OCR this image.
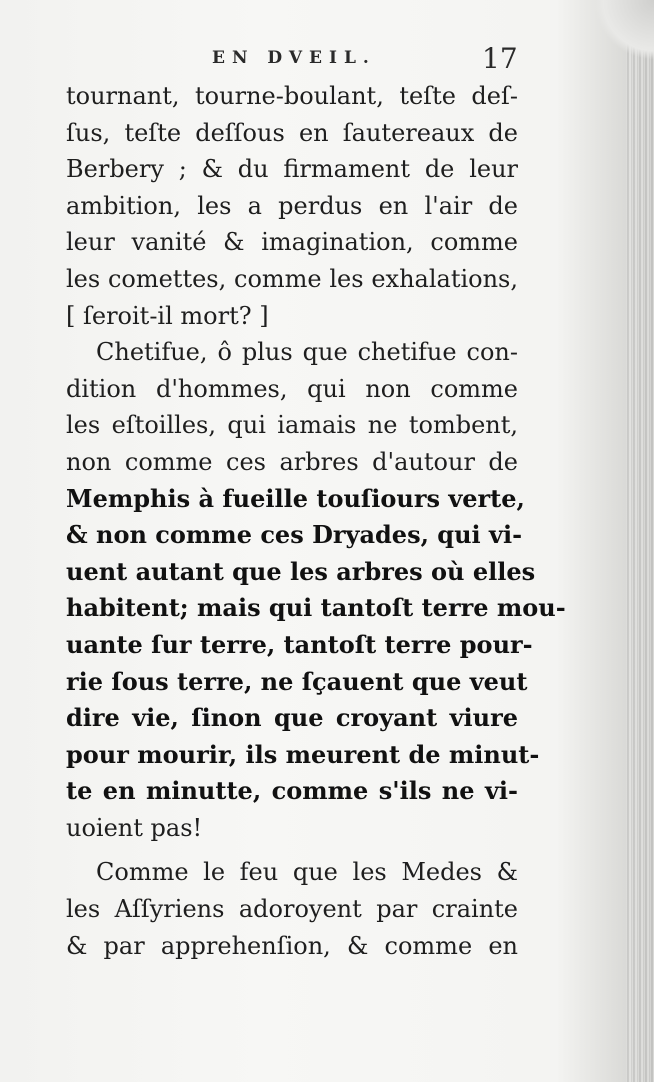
EN DVEIL.	17
tournant, tourne-boulant, teſte deſ-
ſus, teſte deſſous en ſautereaux de
Berbery ; & du firmament de leur
ambition, les a perdus en l'air de
leur vanité & imagination, comme
les comettes, comme les exhalations,
[ ſeroit-il mort? ]
Chetifue, ô plus que chetifue con-
dition d'hommes, qui non comme
les eſtoilles, qui iamais ne tombent,
non comme ces arbres d'autour de
Memphis à fueille touſiours verte,
& non comme ces Dryades, qui vi-
uent autant que les arbres où elles
habitent; mais qui tantoſt terre mou-
uante ſur terre, tantoſt terre pour-
rie ſous terre, ne ſçauent que veut
dire vie, ſinon que croyant viure
pour mourir, ils meurent de minut-
te en minutte, comme s'ils ne vi-
uoient pas!
Comme le feu que les Medes &
les Aſſyriens adoroyent par crainte
& par apprehenſion, & comme en
